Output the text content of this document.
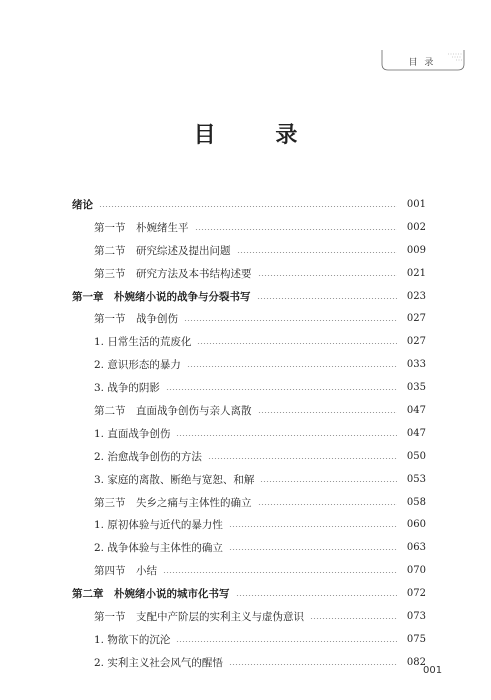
目 录
目 录
绪论	001
第一节　朴婉绪生平	002
第二节　研究综述及提出问题	009
第三节　研究方法及本书结构述要	021
第一章　朴婉绪小说的战争与分裂书写	023
第一节　战争创伤	027
1. 日常生活的荒废化	027
2. 意识形态的暴力	033
3. 战争的阴影	035
第二节　直面战争创伤与亲人离散	047
1. 直面战争创伤	047
2. 治愈战争创伤的方法	050
3. 家庭的离散、断绝与宽恕、和解	053
第三节　失乡之痛与主体性的确立	058
1. 原初体验与近代的暴力性	060
2. 战争体验与主体性的确立	063
第四节　小结	070
第二章　朴婉绪小说的城市化书写	072
第一节　支配中产阶层的实利主义与虚伪意识	073
1. 物欲下的沉沦	075
2. 实利主义社会风气的醒悟	082
001
